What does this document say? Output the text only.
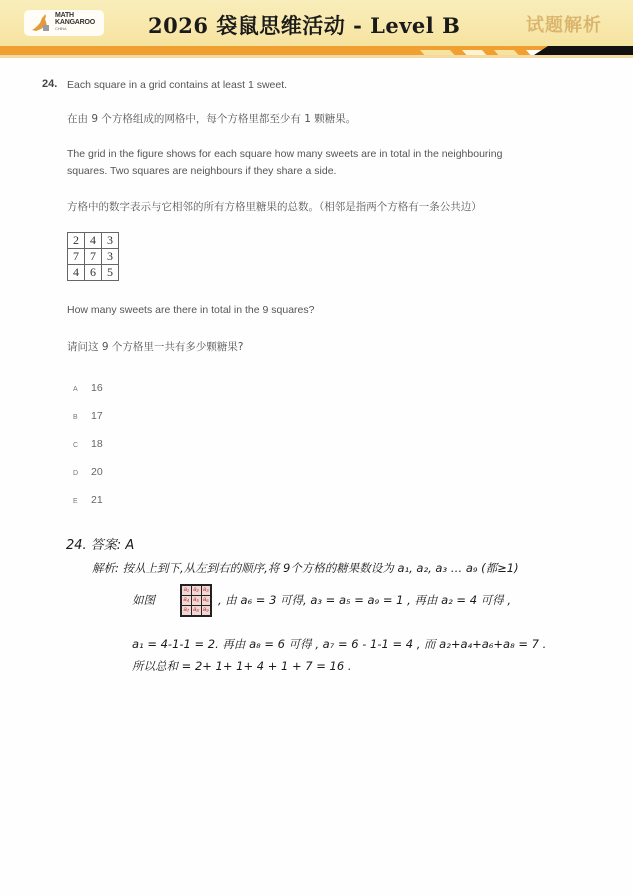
MATH
KANGAROO
CHINA	2026 袋鼠思维活动 - Level B	试题解析
24. Each square in a grid contains at least 1 sweet.
在由 9 个方格组成的网格中，每个方格里都至少有 1 颗糖果。
The grid in the figure shows for each square how many sweets are in total in the neighbouring
squares. Two squares are neighbours if they share a side.
方格中的数字表示与它相邻的所有方格里糖果的总数。（相邻是指两个方格有一条公共边）
2	4	3
7	7	3
4	6	5
How many sweets are there in total in the 9 squares?
请问这 9 个方格里一共有多少颗糖果?
A 16
B 17
C 18
D 20
E 21
24. 答案: A
解析: 按从上到下,从左到右的顺序,将 9个方格的糖果数设为 a₁, a₂, a₃ … a₉ (都≥1)
如图
a₁	a₂	a₃
a₄	a₅	a₆
a₇	a₈	a₉
, 由 a₆ = 3 可得, a₃ = a₅ = a₉ = 1 , 再由 a₂ = 4 可得 ,
a₁ = 4-1-1 = 2. 再由 a₈ = 6 可得 , a₇ = 6 - 1-1 = 4 , 而 a₂+a₄+a₆+a₈ = 7 .
所以总和 = 2+ 1+ 1+ 4 + 1 + 7 = 16 .
